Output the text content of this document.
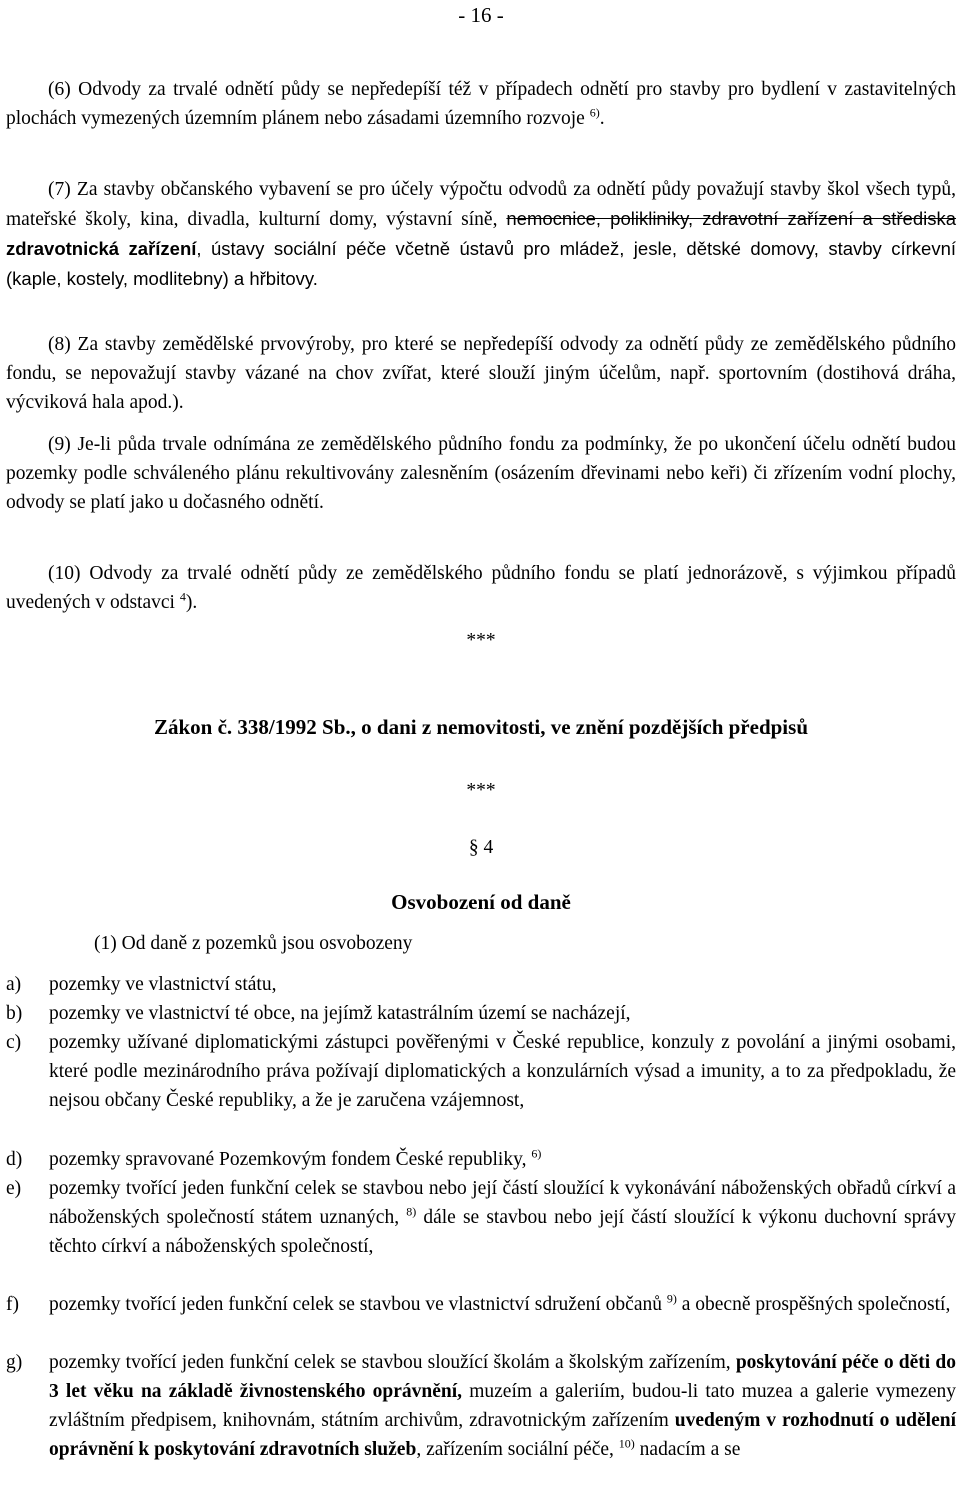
- 16 -
(6) Odvody za trvalé odnětí půdy se nepředepíší též v případech odnětí pro stavby pro bydlení v zastavitelných plochách vymezených územním plánem nebo zásadami územního rozvoje $^{6)}$.
(7) Za stavby občanského vybavení se pro účely výpočtu odvodů za odnětí půdy považují stavby škol všech typů, mateřské školy, kina, divadla, kulturní domy, výstavní síně, nemocnice, polikliniky, zdravotní zařízení a střediska zdravotnická zařízení, ústavy sociální péče včetně ústavů pro mládež, jesle, dětské domovy, stavby církevní (kaple, kostely, modlitebny) a hřbitovy.
(8) Za stavby zemědělské prvovýroby, pro které se nepředepíší odvody za odnětí půdy ze zemědělského půdního fondu, se nepovažují stavby vázané na chov zvířat, které slouží jiným účelům, např. sportovním (dostihová dráha, výcviková hala apod.).
(9) Je-li půda trvale odnímána ze zemědělského půdního fondu za podmínky, že po ukončení účelu odnětí budou pozemky podle schváleného plánu rekultivovány zalesněním (osázením dřevinami nebo keři) či zřízením vodní plochy, odvody se platí jako u dočasného odnětí.
(10) Odvody za trvalé odnětí půdy ze zemědělského půdního fondu se platí jednorázově, s výjimkou případů uvedených v odstavci $^4$).
***
Zákon č. 338/1992 Sb., o dani z nemovitosti, ve znění pozdějších předpisů
***
§ 4
Osvobození od daně
(1) Od daně z pozemků jsou osvobozeny
a)	pozemky ve vlastnictví státu,
b)	pozemky ve vlastnictví té obce, na jejímž katastrálním území se nacházejí,
c)	pozemky užívané diplomatickými zástupci pověřenými v České republice, konzuly z povolání a jinými osobami, které podle mezinárodního práva požívají diplomatických a konzulárních výsad a imunity, a to za předpokladu, že nejsou občany České republiky, a že je zaručena vzájemnost,
d)	pozemky spravované Pozemkovým fondem České republiky, $^{6)}$
e)	pozemky tvořící jeden funkční celek se stavbou nebo její částí sloužící k vykonávání náboženských obřadů církví a náboženských společností státem uznaných, $^{8)}$ dále se stavbou nebo její částí sloužící k výkonu duchovní správy těchto církví a náboženských společností,
f)	pozemky tvořící jeden funkční celek se stavbou ve vlastnictví sdružení občanů $^{9)}$ a obecně prospěšných společností,
g)	pozemky tvořící jeden funkční celek se stavbou sloužící školám a školským zařízením, poskytování péče o děti do 3 let věku na základě živnostenského oprávnění, muzeím a galeriím, budou-li tato muzea a galerie vymezeny zvláštním předpisem, knihovnám, státním archivům, zdravotnickým zařízením uvedeným v rozhodnutí o udělení oprávnění k poskytování zdravotních služeb, zařízením sociální péče, $^{10)}$ nadacím a se
